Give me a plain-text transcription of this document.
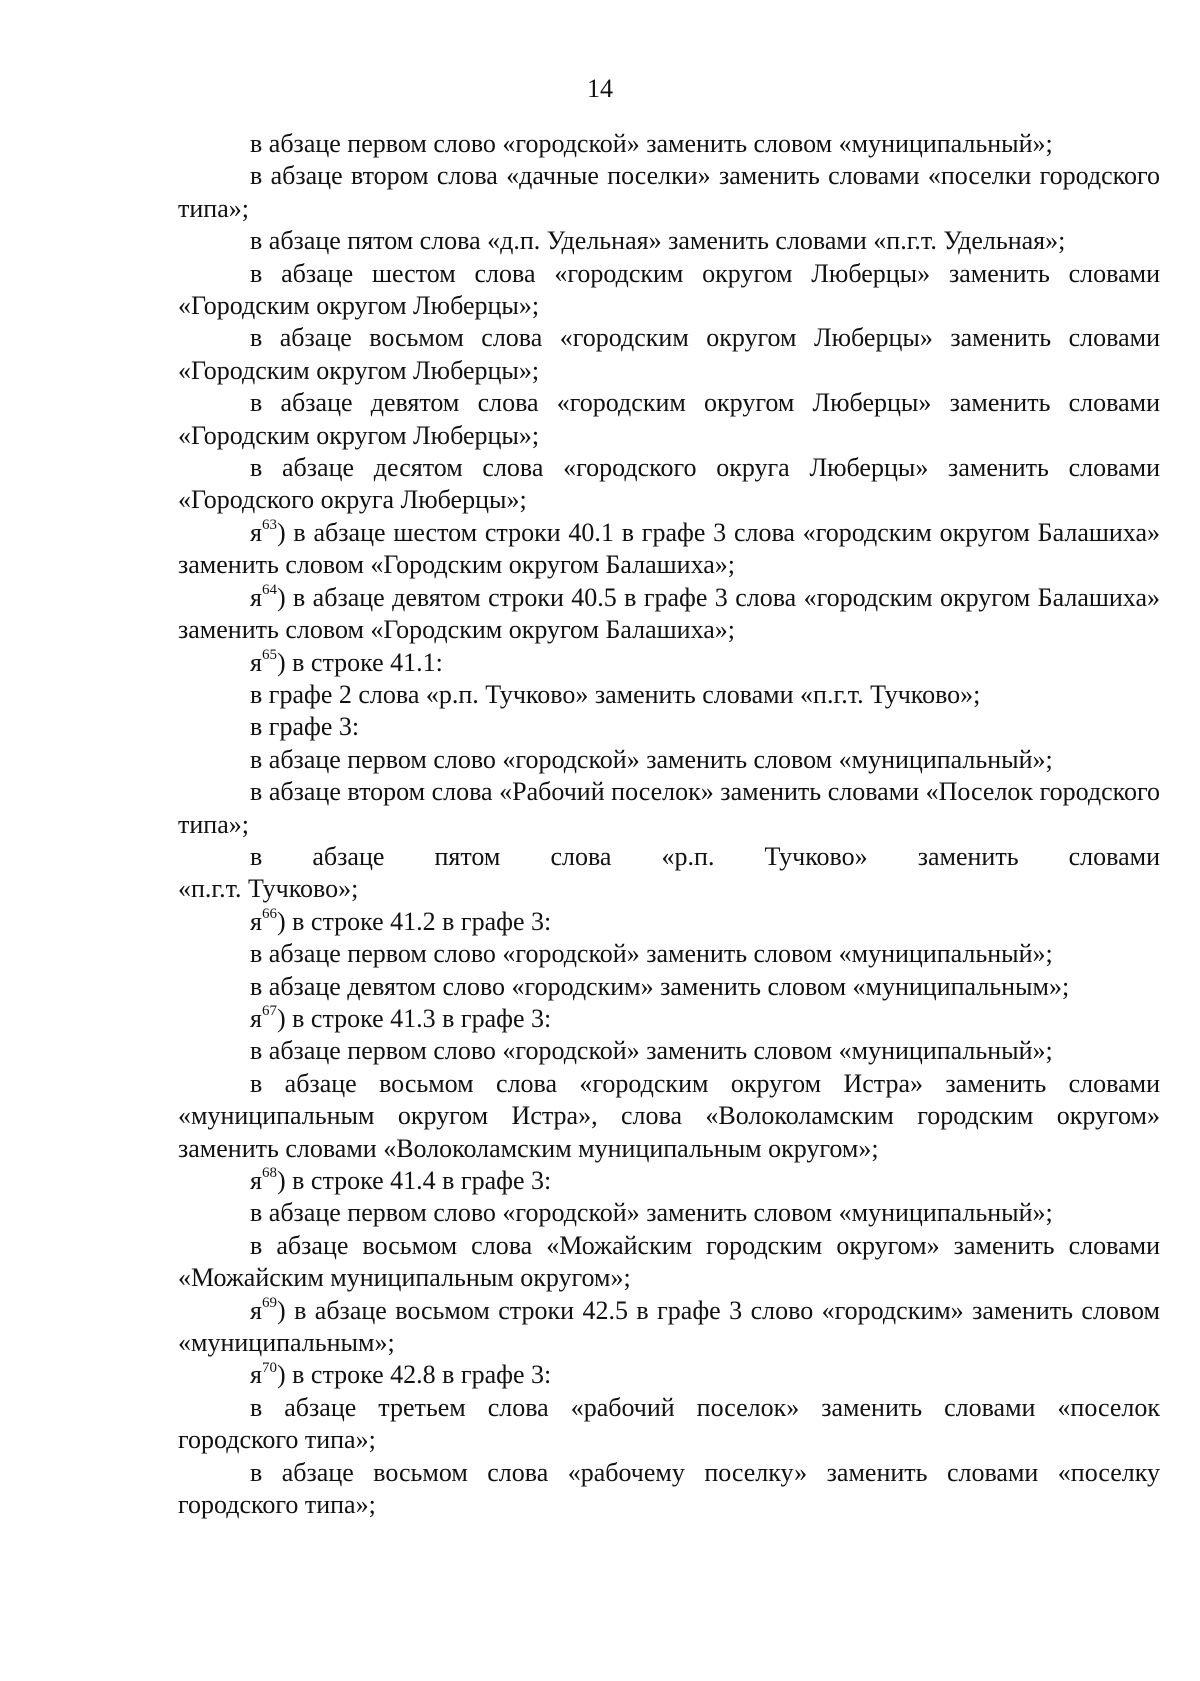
14

в абзаце первом слово «городской» заменить словом «муниципальный»;

в абзаце втором слова «дачные поселки» заменить словами «поселки городского типа»;

в абзаце пятом слова «д.п. Удельная» заменить словами «п.г.т. Удельная»;

в абзаце шестом слова «городским округом Люберцы» заменить словами «Городским округом Люберцы»;

в абзаце восьмом слова «городским округом Люберцы» заменить словами «Городским округом Люберцы»;

в абзаце девятом слова «городским округом Люберцы» заменить словами «Городским округом Люберцы»;

в абзаце десятом слова «городского округа Люберцы» заменить словами «Городского округа Люберцы»;

$я^{63}$) в абзаце шестом строки 40.1 в графе 3 слова «городским округом Балашиха» заменить словом «Городским округом Балашиха»;

$я^{64}$) в абзаце девятом строки 40.5 в графе 3 слова «городским округом Балашиха» заменить словом «Городским округом Балашиха»;

$я^{65}$) в строке 41.1:

в графе 2 слова «р.п. Тучково» заменить словами «п.г.т. Тучково»;

в графе 3:

в абзаце первом слово «городской» заменить словом «муниципальный»;

в абзаце втором слова «Рабочий поселок» заменить словами «Поселок городского типа»;

в абзаце пятом слова «р.п. Тучково» заменить словами

«п.г.т. Тучково»;

$я^{66}$) в строке 41.2 в графе 3:

в абзаце первом слово «городской» заменить словом «муниципальный»;

в абзаце девятом слово «городским» заменить словом «муниципальным»;

$я^{67}$) в строке 41.3 в графе 3:

в абзаце первом слово «городской» заменить словом «муниципальный»;

в абзаце восьмом слова «городским округом Истра» заменить словами «муниципальным округом Истра», слова «Волоколамским городским округом» заменить словами «Волоколамским муниципальным округом»;

$я^{68}$) в строке 41.4 в графе 3:

в абзаце первом слово «городской» заменить словом «муниципальный»;

в абзаце восьмом слова «Можайским городским округом» заменить словами «Можайским муниципальным округом»;

$я^{69}$) в абзаце восьмом строки 42.5 в графе 3 слово «городским» заменить словом «муниципальным»;

$я^{70}$) в строке 42.8 в графе 3:

в абзаце третьем слова «рабочий поселок» заменить словами «поселок городского типа»;

в абзаце восьмом слова «рабочему поселку» заменить словами «поселку городского типа»;
